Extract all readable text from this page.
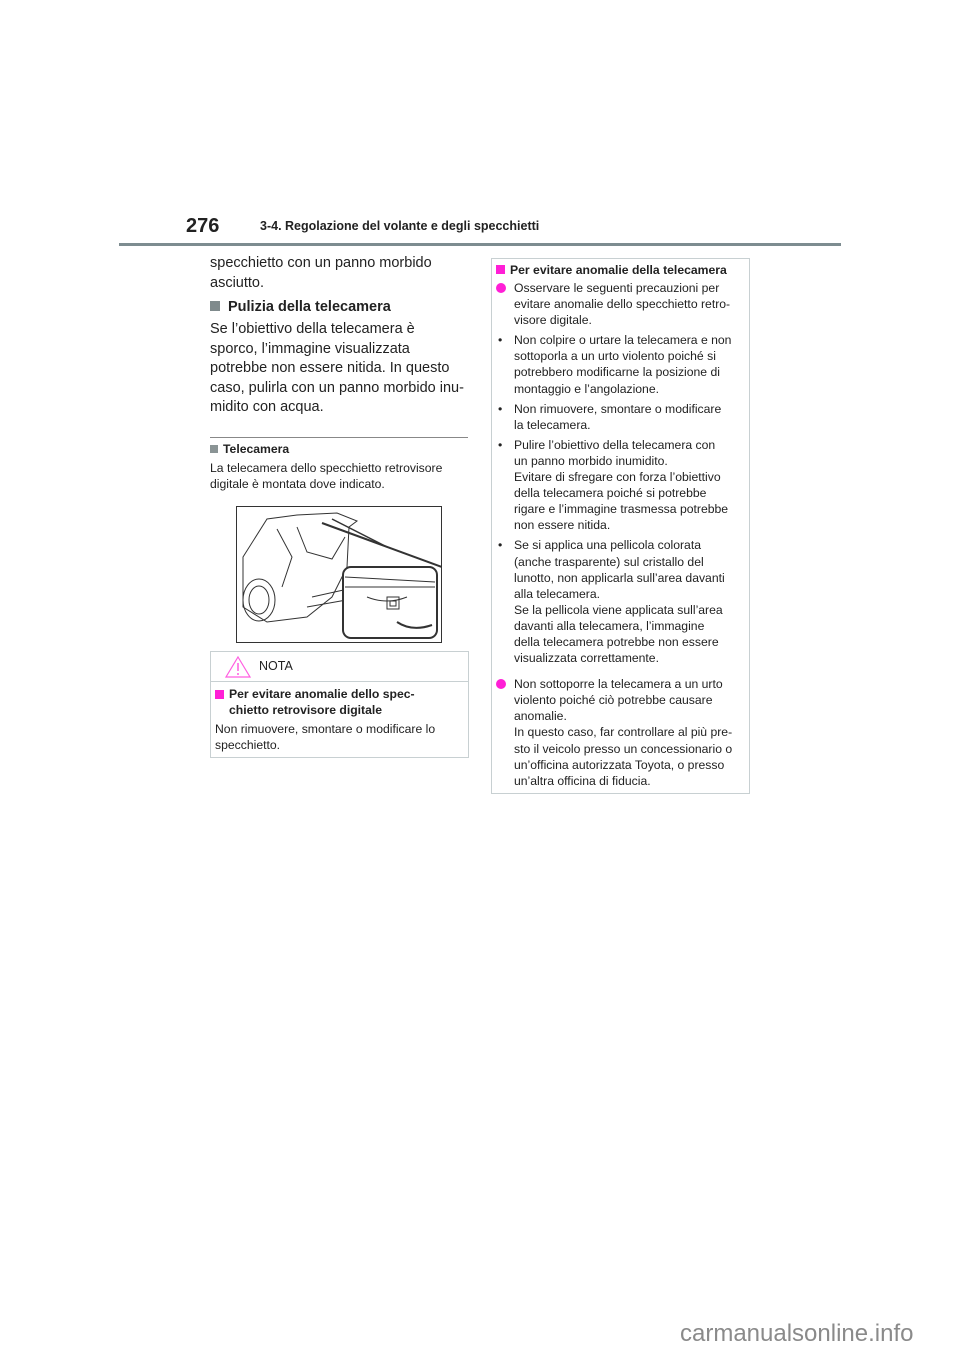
276	3-4. Regolazione del volante e degli specchietti
specchietto con un panno morbido
asciutto.
Pulizia della telecamera
Se l’obiettivo della telecamera è
sporco, l’immagine visualizzata
potrebbe non essere nitida. In questo
caso, pulirla con un panno morbido inu-
midito con acqua.
Telecamera
La telecamera dello specchietto retrovisore
digitale è montata dove indicato.
NOTA
Per evitare anomalie dello spec-
chietto retrovisore digitale
Non rimuovere, smontare o modificare lo
specchietto.
Per evitare anomalie della telecamera
Osservare le seguenti precauzioni per
evitare anomalie dello specchietto retro-
visore digitale.
• Non colpire o urtare la telecamera e non
sottoporla a un urto violento poiché si
potrebbero modificarne la posizione di
montaggio e l’angolazione.
• Non rimuovere, smontare o modificare
la telecamera.
• Pulire l’obiettivo della telecamera con
un panno morbido inumidito.
Evitare di sfregare con forza l’obiettivo
della telecamera poiché si potrebbe
rigare e l’immagine trasmessa potrebbe
non essere nitida.
• Se si applica una pellicola colorata
(anche trasparente) sul cristallo del
lunotto, non applicarla sull’area davanti
alla telecamera.
Se la pellicola viene applicata sull’area
davanti alla telecamera, l’immagine
della telecamera potrebbe non essere
visualizzata correttamente.
Non sottoporre la telecamera a un urto
violento poiché ciò potrebbe causare
anomalie.
In questo caso, far controllare al più pre-
sto il veicolo presso un concessionario o
un’officina autorizzata Toyota, o presso
un’altra officina di fiducia.
carmanualsonline.info
